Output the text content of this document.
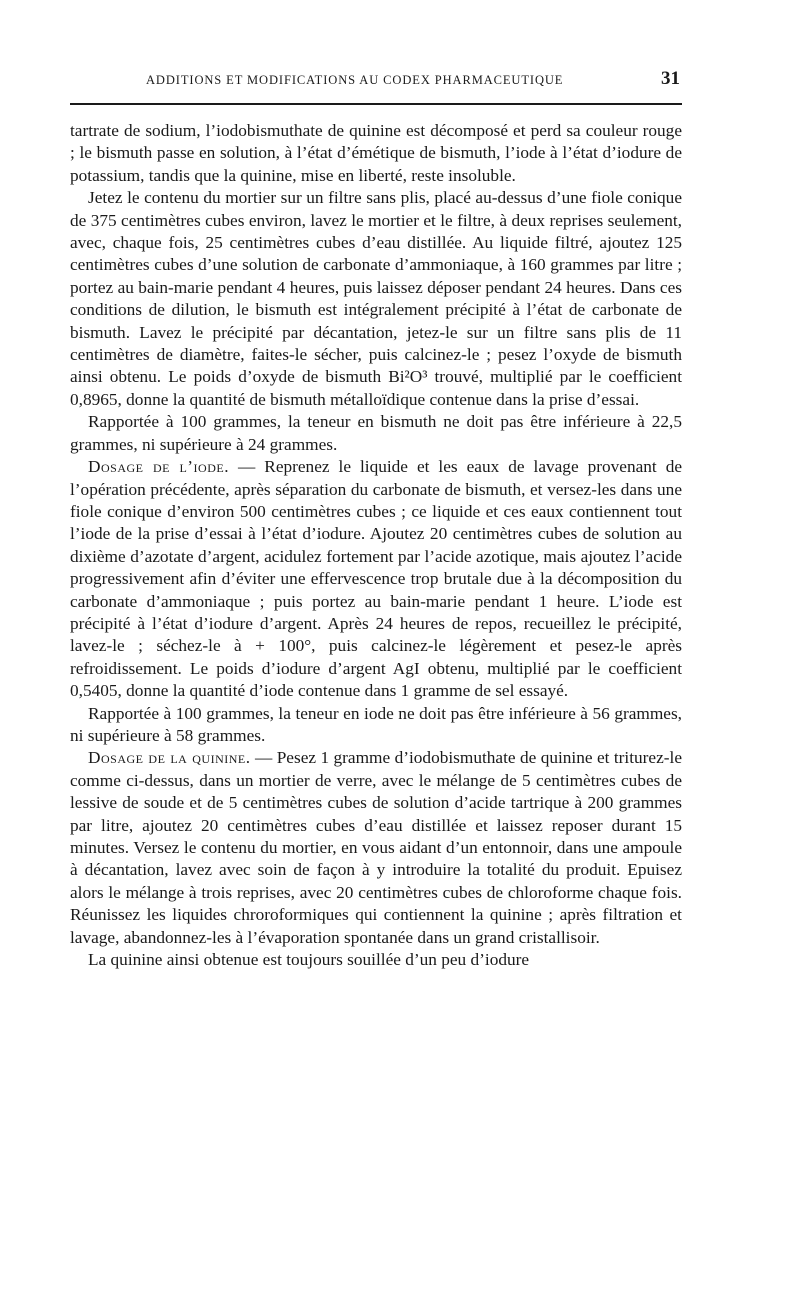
ADDITIONS ET MODIFICATIONS AU CODEX PHARMACEUTIQUE	31

tartrate de sodium, l’iodobismuthate de quinine est décomposé et perd sa couleur rouge ; le bismuth passe en solution, à l’état d’émétique de bismuth, l’iode à l’état d’iodure de potassium, tandis que la quinine, mise en liberté, reste insoluble.

Jetez le contenu du mortier sur un filtre sans plis, placé au-dessus d’une fiole conique de 375 centimètres cubes environ, lavez le mortier et le filtre, à deux reprises seulement, avec, chaque fois, 25 centimètres cubes d’eau distillée. Au liquide filtré, ajoutez 125 centimètres cubes d’une solution de carbonate d’ammoniaque, à 160 grammes par litre ; portez au bain-marie pendant 4 heures, puis laissez déposer pendant 24 heures. Dans ces conditions de dilution, le bismuth est intégralement précipité à l’état de carbonate de bismuth. Lavez le précipité par décantation, jetez-le sur un filtre sans plis de 11 centimètres de diamètre, faites-le sécher, puis calcinez-le ; pesez l’oxyde de bismuth ainsi obtenu. Le poids d’oxyde de bismuth Bi²O³ trouvé, multiplié par le coefficient 0,8965, donne la quantité de bismuth métalloïdique contenue dans la prise d’essai.

Rapportée à 100 grammes, la teneur en bismuth ne doit pas être inférieure à 22,5 grammes, ni supérieure à 24 grammes.

Dosage de l’iode. — Reprenez le liquide et les eaux de lavage provenant de l’opération précédente, après séparation du carbonate de bismuth, et versez-les dans une fiole conique d’environ 500 centimètres cubes ; ce liquide et ces eaux contiennent tout l’iode de la prise d’essai à l’état d’iodure. Ajoutez 20 centimètres cubes de solution au dixième d’azotate d’argent, acidulez fortement par l’acide azotique, mais ajoutez l’acide progressivement afin d’éviter une effervescence trop brutale due à la décomposition du carbonate d’ammoniaque ; puis portez au bain-marie pendant 1 heure. L’iode est précipité à l’état d’iodure d’argent. Après 24 heures de repos, recueillez le précipité, lavez-le ; séchez-le à + 100°, puis calcinez-le légèrement et pesez-le après refroidissement. Le poids d’iodure d’argent AgI obtenu, multiplié par le coefficient 0,5405, donne la quantité d’iode contenue dans 1 gramme de sel essayé.

Rapportée à 100 grammes, la teneur en iode ne doit pas être inférieure à 56 grammes, ni supérieure à 58 grammes.

Dosage de la quinine. — Pesez 1 gramme d’iodobismuthate de quinine et triturez-le comme ci-dessus, dans un mortier de verre, avec le mélange de 5 centimètres cubes de lessive de soude et de 5 centimètres cubes de solution d’acide tartrique à 200 grammes par litre, ajoutez 20 centimètres cubes d’eau distillée et laissez reposer durant 15 minutes. Versez le contenu du mortier, en vous aidant d’un entonnoir, dans une ampoule à décantation, lavez avec soin de façon à y introduire la totalité du produit. Epuisez alors le mélange à trois reprises, avec 20 centimètres cubes de chloroforme chaque fois. Réunissez les liquides chroroformiques qui contiennent la quinine ; après filtration et lavage, abandonnez-les à l’évaporation spontanée dans un grand cristallisoir.

La quinine ainsi obtenue est toujours souillée d’un peu d’iodure
